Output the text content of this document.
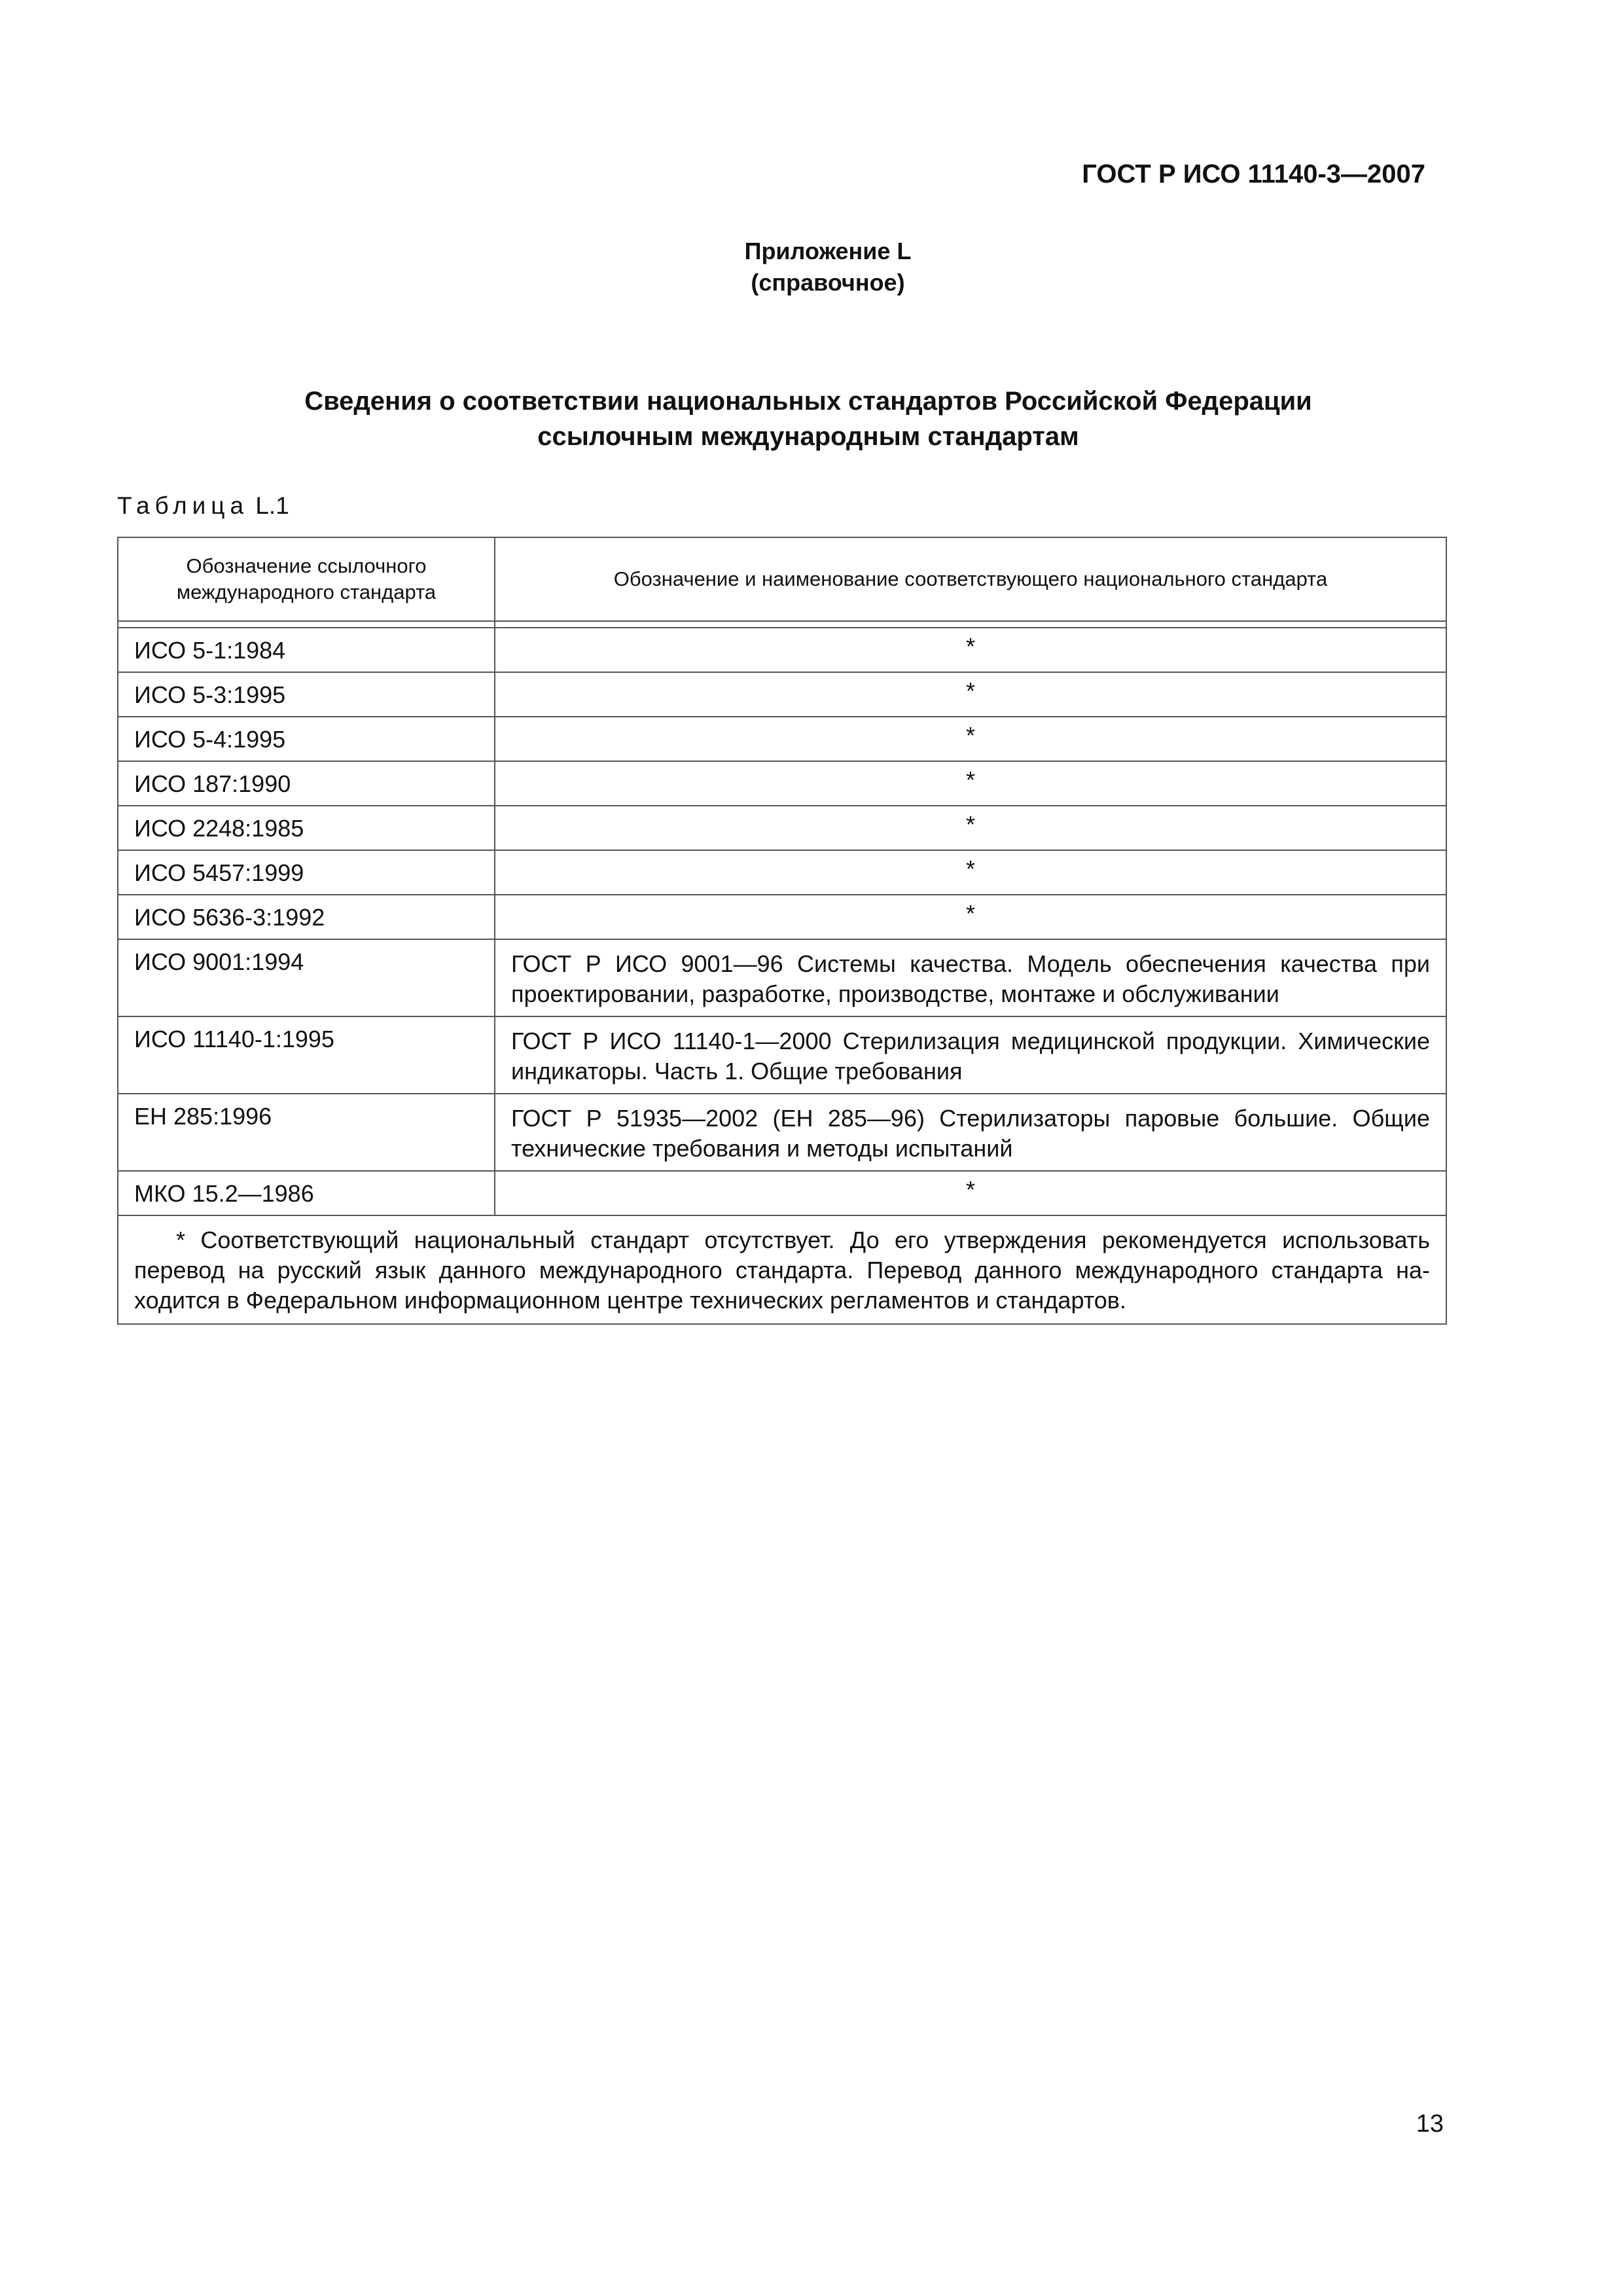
ГОСТ Р ИСО 11140-3—2007
Приложение L
(справочное)
Сведения о соответствии национальных стандартов Российской Федерации
ссылочным международным стандартам
Таблица L.1
Обозначение ссылочного международного стандарта	Обозначение и наименование соответствующего национального стандарта

ИСО 5-1:1984	*
ИСО 5-3:1995	*
ИСО 5-4:1995	*
ИСО 187:1990	*
ИСО 2248:1985	*
ИСО 5457:1999	*
ИСО 5636-3:1992	*
ИСО 9001:1994	ГОСТ Р ИСО 9001—96 Системы качества. Модель обеспечения качества при проектировании, разработке, производстве, монтаже и обслуживании
ИСО 11140-1:1995	ГОСТ Р ИСО 11140-1—2000 Стерилизация медицинской продукции. Химические индикаторы. Часть 1. Общие требования
ЕН 285:1996	ГОСТ Р 51935—2002 (ЕН 285—96) Стерилизаторы паровые большие. Общие технические требования и методы испытаний
МКО 15.2—1986	*

* Соответствующий национальный стандарт отсутствует. До его утверждения рекомендуется использовать перевод на русский язык данного международного стандарта. Перевод данного международного стандарта находится в Федеральном информационном центре технических регламентов и стандартов.	
13
